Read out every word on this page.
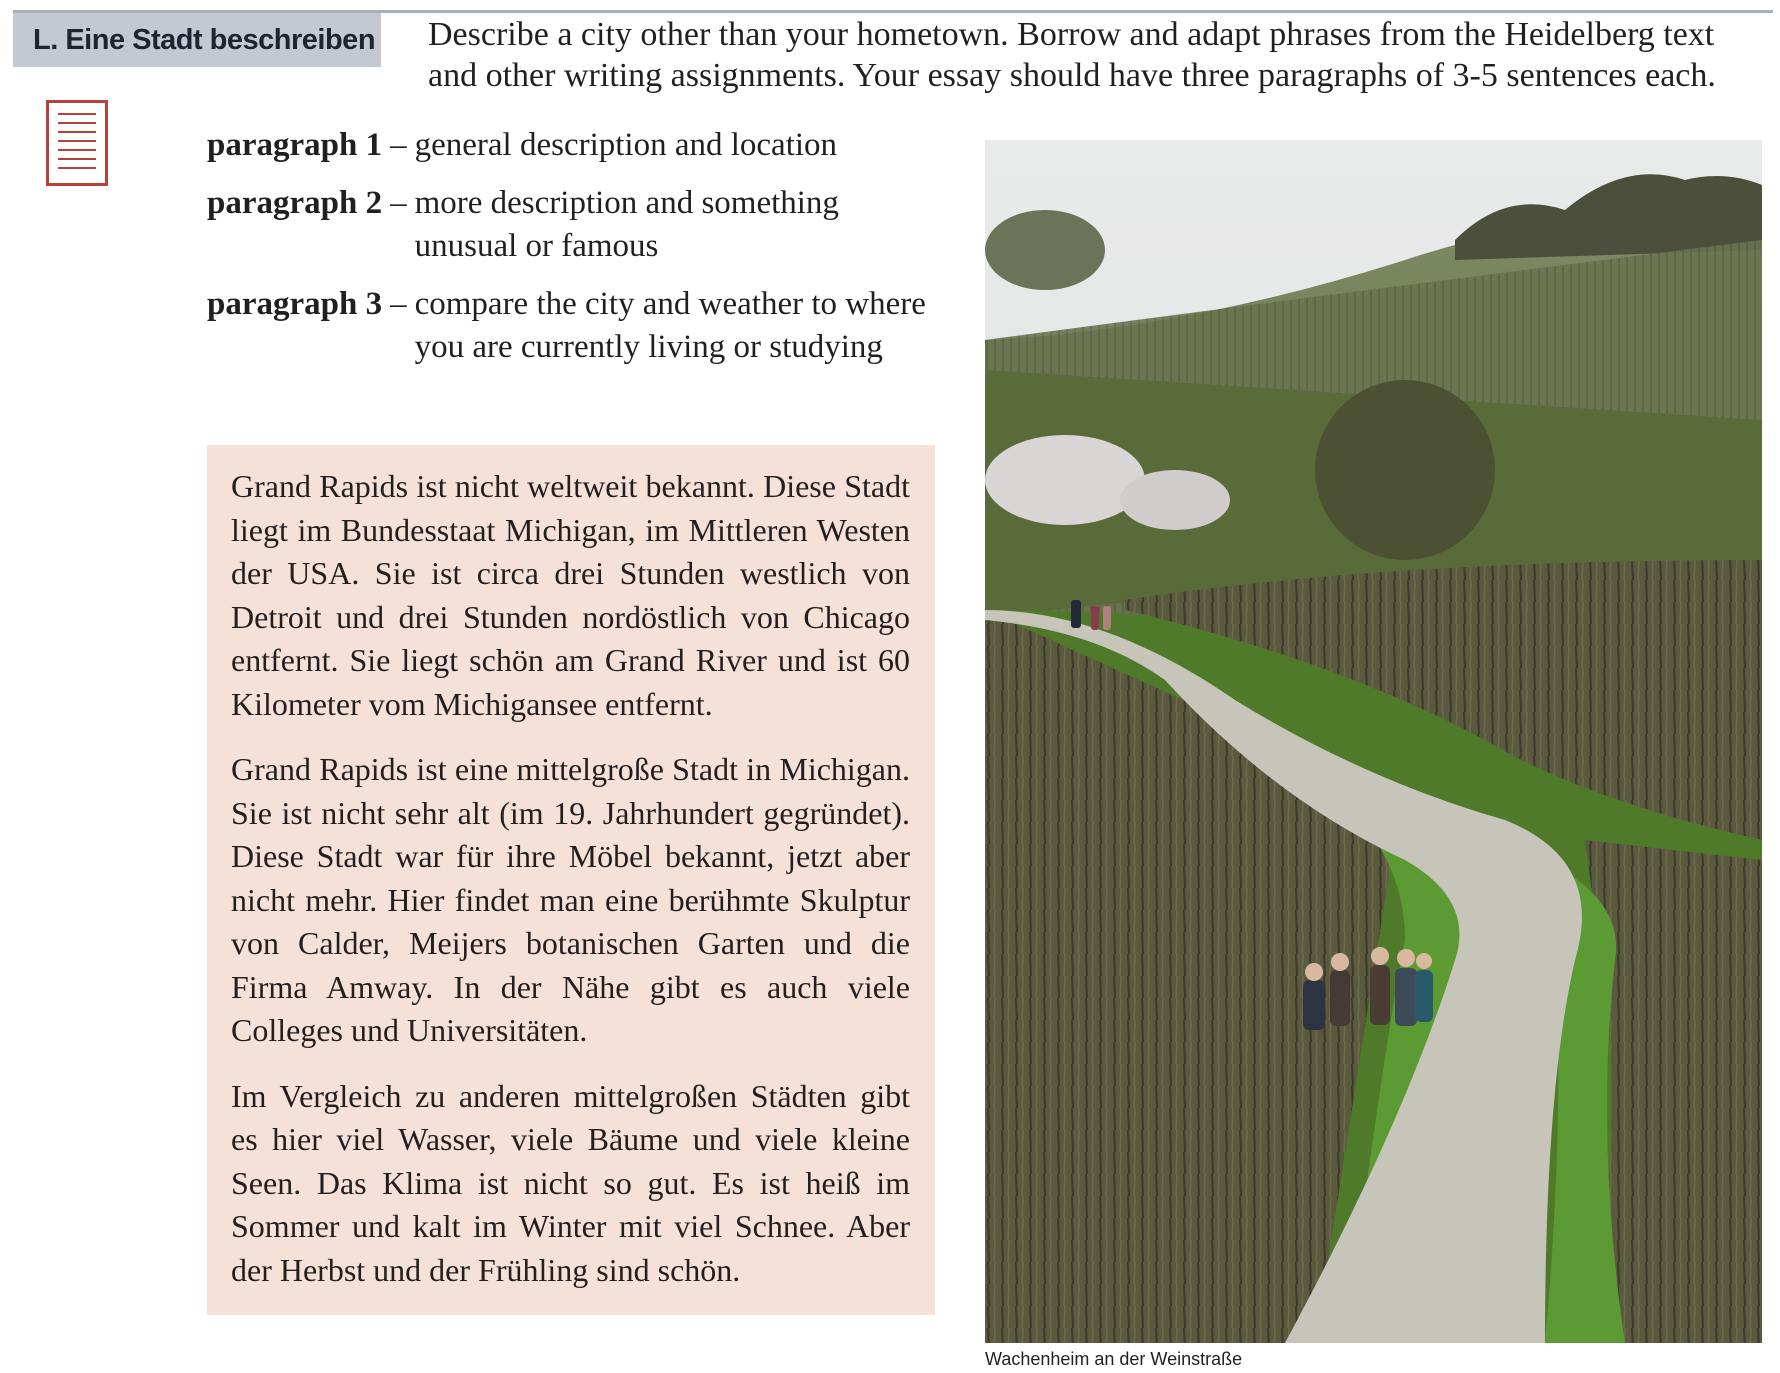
L. Eine Stadt beschreiben Describe a city other than your hometown. Borrow and adapt phrases from the Heidelberg text and other writing assignments. Your essay should have three paragraphs of 3-5 sentences each.

paragraph 1 – general description and location
paragraph 2 – more description and something unusual or famous
paragraph 3 – compare the city and weather to where you are currently living or studying

Grand Rapids ist nicht weltweit bekannt. Diese Stadt liegt im Bundesstaat Michigan, im Mittleren Westen der USA. Sie ist circa drei Stunden westlich von Detroit und drei Stunden nordöstlich von Chicago entfernt. Sie liegt schön am Grand River und ist 60 Kilometer vom Michigansee entfernt.

Grand Rapids ist eine mittelgroße Stadt in Michigan. Sie ist nicht sehr alt (im 19. Jahrhundert gegründet). Diese Stadt war für ihre Möbel bekannt, jetzt aber nicht mehr. Hier findet man eine berühmte Skulptur von Calder, Meijers botanischen Garten und die Firma Amway. In der Nähe gibt es auch viele Colleges und Universitäten.

Im Vergleich zu anderen mittelgroßen Städten gibt es hier viel Wasser, viele Bäume und viele kleine Seen. Das Klima ist nicht so gut. Es ist heiß im Sommer und kalt im Winter mit viel Schnee. Aber der Herbst und der Frühling sind schön.

Wachenheim an der Weinstraße
